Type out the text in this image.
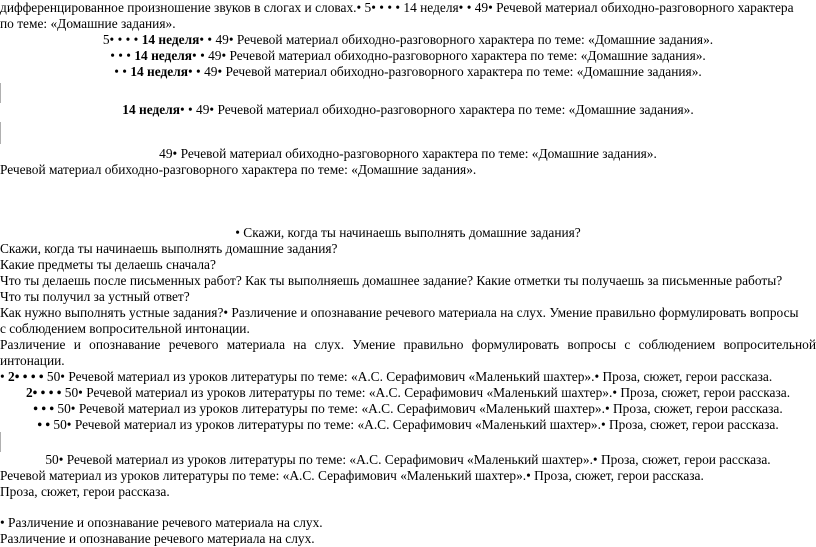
дифференцированное произношение звуков в слогах и словах.• 5• • • • 14 неделя• • 49• Речевой материал обиходно-разговорного характера
по теме: «Домашние задания».
5• • • • 14 неделя• • 49• Речевой материал обиходно-разговорного характера по теме: «Домашние задания».
• • • 14 неделя• • 49• Речевой материал обиходно-разговорного характера по теме: «Домашние задания».
• • 14 неделя• • 49• Речевой материал обиходно-разговорного характера по теме: «Домашние задания».
14 неделя• • 49• Речевой материал обиходно-разговорного характера по теме: «Домашние задания».
49• Речевой материал обиходно-разговорного характера по теме: «Домашние задания».
Речевой материал обиходно-разговорного характера по теме: «Домашние задания».
• Скажи, когда ты начинаешь выполнять домашние задания?
Скажи, когда ты начинаешь выполнять домашние задания?
Какие предметы ты делаешь сначала?
Что ты делаешь после письменных работ? Как ты выполняешь домашнее задание? Какие отметки ты получаешь за письменные работы?
Что ты получил за устный ответ?
Как нужно выполнять устные задания?• Различение и опознавание речевого материала на слух. Умение правильно формулировать вопросы
с соблюдением вопросительной интонации.
Различение и опознавание речевого материала на слух. Умение правильно формулировать вопросы с соблюдением вопросительной
интонации.
• 2• • • • 50• Речевой материал из уроков литературы по теме: «А.С. Серафимович «Маленький шахтер».• Проза, сюжет, герои рассказа.
2• • • • 50• Речевой материал из уроков литературы по теме: «А.С. Серафимович «Маленький шахтер».• Проза, сюжет, герои рассказа.
• • • 50• Речевой материал из уроков литературы по теме: «А.С. Серафимович «Маленький шахтер».• Проза, сюжет, герои рассказа.
• • 50• Речевой материал из уроков литературы по теме: «А.С. Серафимович «Маленький шахтер».• Проза, сюжет, герои рассказа.
50• Речевой материал из уроков литературы по теме: «А.С. Серафимович «Маленький шахтер».• Проза, сюжет, герои рассказа.
Речевой материал из уроков литературы по теме: «А.С. Серафимович «Маленький шахтер».• Проза, сюжет, герои рассказа.
Проза, сюжет, герои рассказа.
• Различение и опознавание речевого материала на слух.
Различение и опознавание речевого материала на слух.
